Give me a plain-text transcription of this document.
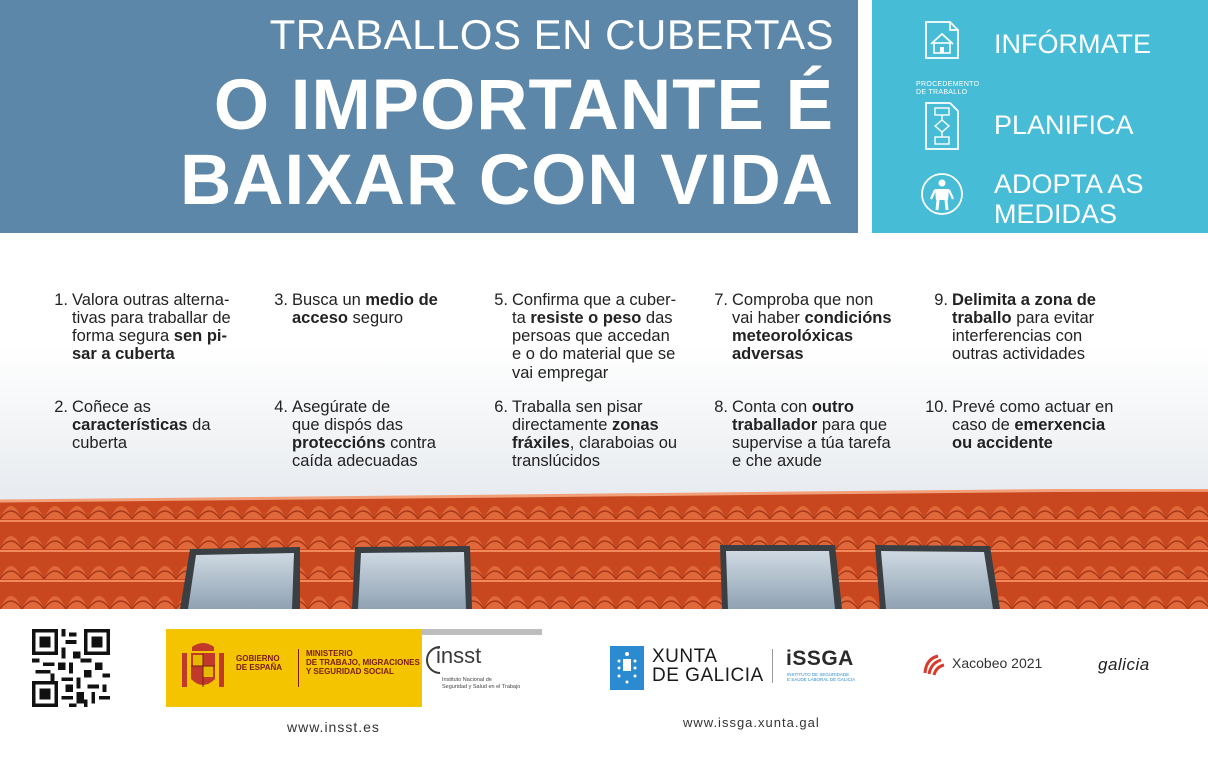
TRABALLOS EN CUBERTAS
O IMPORTANTE É
BAIXAR CON VIDA
INFÓRMATE
PROCEDEMENTO
DE TRABALLO
PLANIFICA
ADOPTA AS
MEDIDAS
1. Valora outras alterna-
tivas para traballar de
forma segura sen pi-
sar a cuberta
2. Coñece as
características da
cuberta
3. Busca un medio de
acceso seguro
4. Asegúrate de
que dispós das
proteccións contra
caída adecuadas
5. Confirma que a cuber-
ta resiste o peso das
persoas que accedan
e o do material que se
vai empregar
6. Traballa sen pisar
directamente zonas
fráxiles, claraboias ou
translúcidos
7. Comproba que non
vai haber condicións
meteorolóxicas
adversas
8. Conta con outro
traballador para que
supervise a túa tarefa
e che axude
9. Delimita a zona de
traballo para evitar
interferencias con
outras actividades
10. Prevé como actuar en
caso de emerxencia
ou accidente
GOBIERNO
DE ESPAÑA
MINISTERIO
DE TRABAJO, MIGRACIONES
Y SEGURIDAD SOCIAL
insst
Instituto Nacional de
Seguridad y Salud en el Trabajo
www.insst.es
XUNTA
DE GALICIA
iSSGA
INSTITUTO DE SEGURIDADE
E SAÚDE LABORAL DE GALICIA
www.issga.xunta.gal
Xacobeo 2021	galicia
